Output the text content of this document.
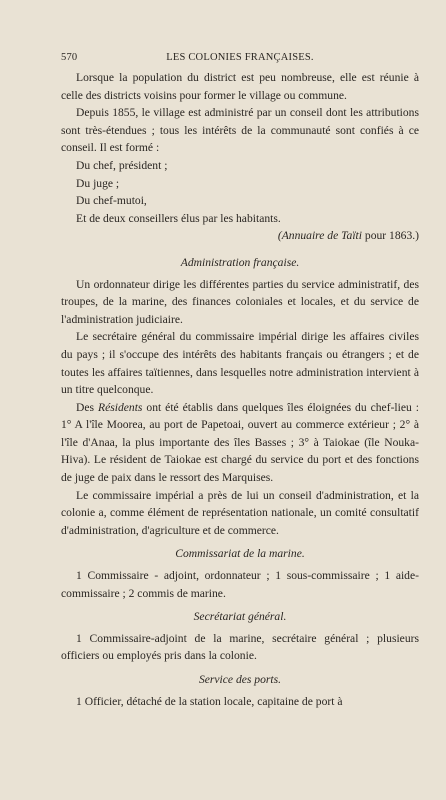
570	LES COLONIES FRANÇAISES.

Lorsque la population du district est peu nombreuse, elle est réunie à celle des districts voisins pour former le village ou commune.

Depuis 1855, le village est administré par un conseil dont les attributions sont très-étendues ; tous les intérêts de la communauté sont confiés à ce conseil. Il est formé :

Du chef, président ;

Du juge ;

Du chef-mutoi,

Et de deux conseillers élus par les habitants.

(Annuaire de Taïti pour 1863.)

Administration française.

Un ordonnateur dirige les différentes parties du service administratif, des troupes, de la marine, des finances coloniales et locales, et du service de l'administration judiciaire.

Le secrétaire général du commissaire impérial dirige les affaires civiles du pays ; il s'occupe des intérêts des habitants français ou étrangers ; et de toutes les affaires taïtiennes, dans lesquelles notre administration intervient à un titre quelconque.

Des Résidents ont été établis dans quelques îles éloignées du chef-lieu : 1° A l'île Moorea, au port de Papetoai, ouvert au commerce extérieur ; 2° à l'île d'Anaa, la plus importante des îles Basses ; 3° à Taiokae (île Nouka-Hiva). Le résident de Taiokae est chargé du service du port et des fonctions de juge de paix dans le ressort des Marquises.

Le commissaire impérial a près de lui un conseil d'administration, et la colonie a, comme élément de représentation nationale, un comité consultatif d'administration, d'agriculture et de commerce.

Commissariat de la marine.

1 Commissaire - adjoint, ordonnateur ; 1 sous-commissaire ; 1 aide-commissaire ; 2 commis de marine.

Secrétariat général.

1 Commissaire-adjoint de la marine, secrétaire général ; plusieurs officiers ou employés pris dans la colonie.

Service des ports.

1 Officier, détaché de la station locale, capitaine de port à
